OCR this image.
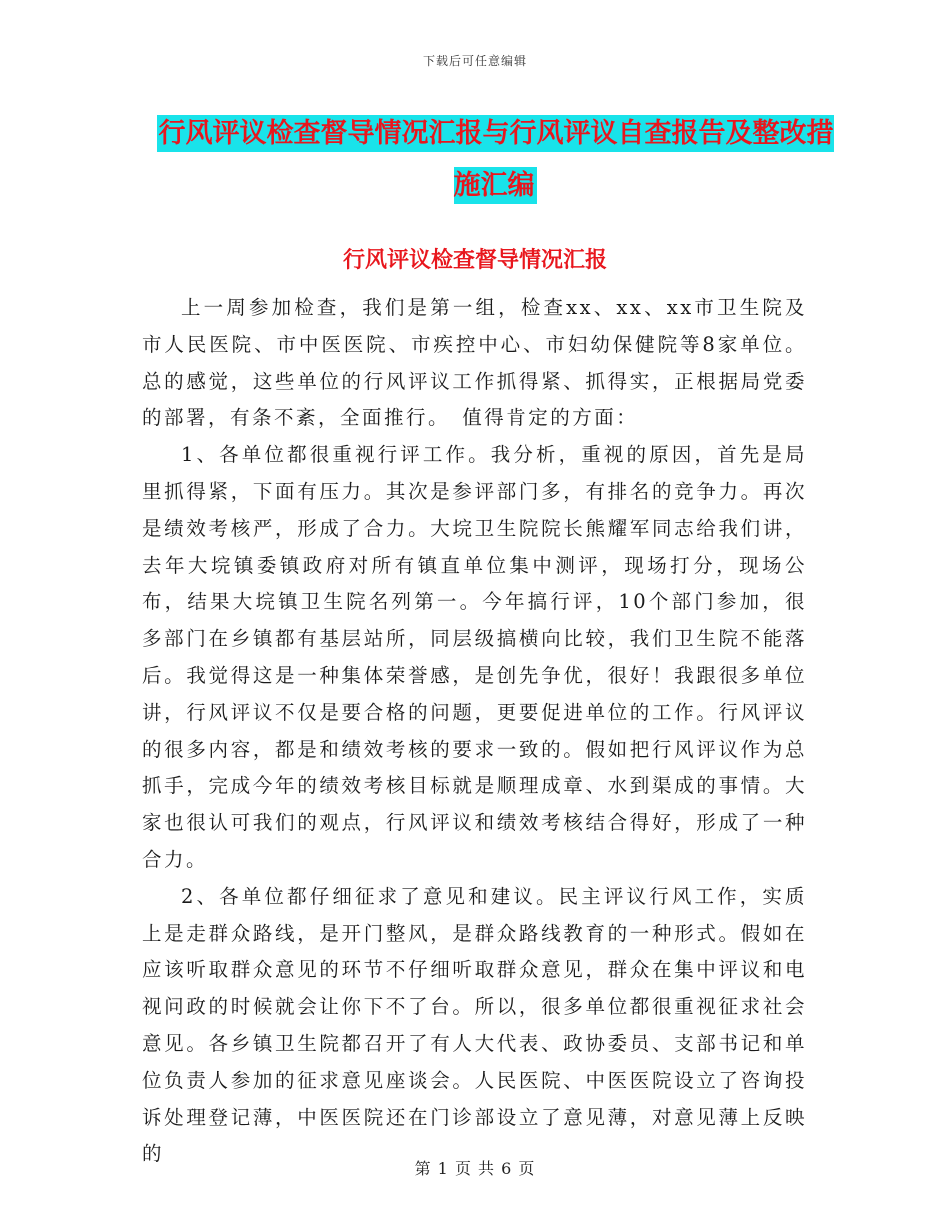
下载后可任意编辑
行风评议检查督导情况汇报与行风评议自查报告及整改措施汇编
行风评议检查督导情况汇报

上一周参加检查，我们是第一组，检查xx、xx、xx市卫生院及市人民医院、市中医医院、市疾控中心、市妇幼保健院等8家单位。总的感觉，这些单位的行风评议工作抓得紧、抓得实，正根据局党委的部署，有条不紊，全面推行。　值得肯定的方面：

1、各单位都很重视行评工作。我分析，重视的原因，首先是局里抓得紧，下面有压力。其次是参评部门多，有排名的竞争力。再次是绩效考核严，形成了合力。大垸卫生院院长熊耀军同志给我们讲，去年大垸镇委镇政府对所有镇直单位集中测评，现场打分，现场公布，结果大垸镇卫生院名列第一。今年搞行评，10个部门参加，很多部门在乡镇都有基层站所，同层级搞横向比较，我们卫生院不能落后。我觉得这是一种集体荣誉感，是创先争优，很好！我跟很多单位讲，行风评议不仅是要合格的问题，更要促进单位的工作。行风评议的很多内容，都是和绩效考核的要求一致的。假如把行风评议作为总抓手，完成今年的绩效考核目标就是顺理成章、水到渠成的事情。大家也很认可我们的观点，行风评议和绩效考核结合得好，形成了一种合力。

2、各单位都仔细征求了意见和建议。民主评议行风工作，实质上是走群众路线，是开门整风，是群众路线教育的一种形式。假如在应该听取群众意见的环节不仔细听取群众意见，群众在集中评议和电视问政的时候就会让你下不了台。所以，很多单位都很重视征求社会意见。各乡镇卫生院都召开了有人大代表、政协委员、支部书记和单位负责人参加的征求意见座谈会。人民医院、中医医院设立了咨询投诉处理登记薄，中医医院还在门诊部设立了意见薄，对意见薄上反映的

第 1 页 共 6 页
